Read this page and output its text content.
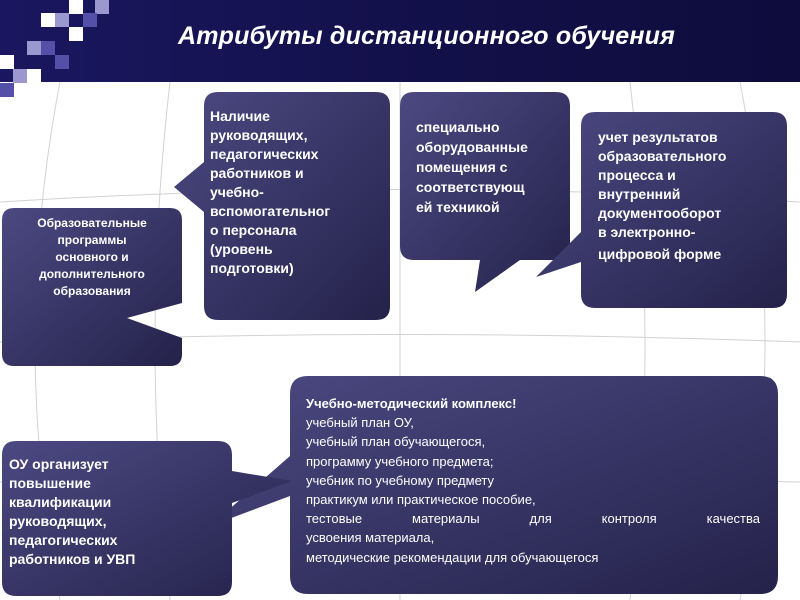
Образовательные
программы
основного и
дополнительного
образования
Наличие
руководящих,
педагогических
работников и
учебно-
вспомогательног
о персонала
(уровень
подготовки)
специально
оборудованные
помещения с
соответствующ
ей техникой
учет результатов
образовательного
процесса и
внутренний
документооборот
в электронно-
цифровой форме
Учебно-методический комплекс!
учебный план ОУ,
учебный план обучающегося,
программу учебного предмета;
учебник по учебному предмету
практикум или практическое пособие,
тестовые материалы для контроля качества
усвоения материала,
методические рекомендации для обучающегося
ОУ организует
повышение
квалификации
руководящих,
педагогических
работников и УВП
Атрибуты дистанционного обучения
